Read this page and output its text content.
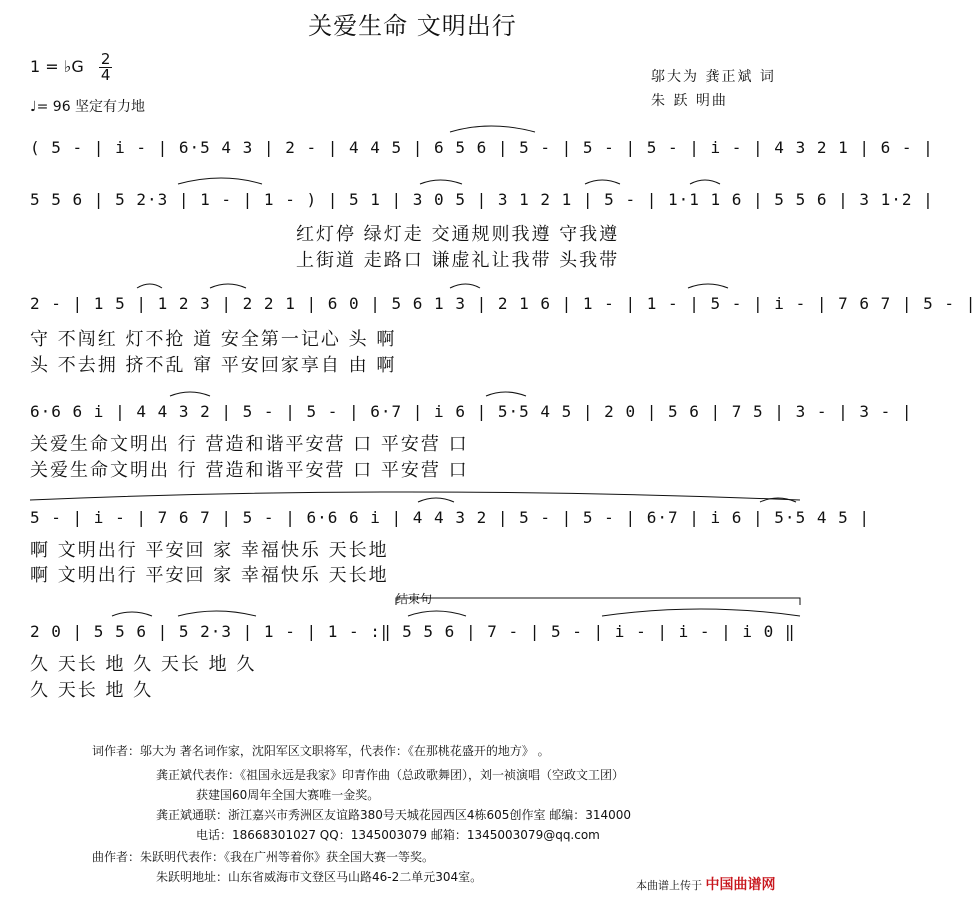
关爱生命 文明出行
1 = ♭G $\frac{2}{4}$
♩= 96 坚定有力地
邬大为 龚正斌 词
朱 跃 明曲
( 5 - | i - | 6·5 4 3 | 2 - | 4 4 5 | 6 5 6 | 5 - | 5 - | 5 - | i - | 4 3 2 1 | 6 - |
5 5 6 | 5 2·3 | 1 - | 1 - ) | 5 1 | 3 0 5 | 3 1 2 1 | 5 - | 1·1 1 6 | 5 5 6 | 3 1·2 |
红灯停 绿灯走 交通规则我遵 守我遵
上街道 走路口 谦虚礼让我带 头我带
2 - | 1 5 | 1 2 3 | 2 2 1 | 6 0 | 5 6 1 3 | 2 1 6 | 1 - | 1 - | 5 - | i - | 7 6 7 | 5 - |
守 不闯红 灯不抢 道 安全第一记心 头 啊
头 不去拥 挤不乱 窜 平安回家享自 由 啊
6·6 6 i | 4 4 3 2 | 5 - | 5 - | 6·7 | i 6 | 5·5 4 5 | 2 0 | 5 6 | 7 5 | 3 - | 3 - |
关爱生命文明出 行 营造和谐平安营 口 平安营 口
关爱生命文明出 行 营造和谐平安营 口 平安营 口
5 - | i - | 7 6 7 | 5 - | 6·6 6 i | 4 4 3 2 | 5 - | 5 - | 6·7 | i 6 | 5·5 4 5 |
啊 文明出行 平安回 家 幸福快乐 天长地
啊 文明出行 平安回 家 幸福快乐 天长地
结束句
2 0 | 5 5 6 | 5 2·3 | 1 - | 1 - :‖ 5 5 6 | 7 - | 5 - | i - | i - | i 0 ‖
久 天长 地 久 天长 地 久
久 天长 地 久
词作者：邬大为 著名词作家，沈阳军区文职将军，代表作：《在那桃花盛开的地方》 。
龚正斌代表作：《祖国永远是我家》印青作曲（总政歌舞团），刘一祯演唱（空政文工团）
获建国60周年全国大赛唯一金奖。
龚正斌通联：浙江嘉兴市秀洲区友谊路380号天城花园西区4栋605创作室 邮编：314000
电话：18668301027 QQ：1345003079 邮箱：1345003079@qq.com
曲作者：朱跃明代表作：《我在广州等着你》获全国大赛一等奖。
朱跃明地址：山东省威海市文登区马山路46-2二单元304室。
本曲谱上传于 中国曲谱网
